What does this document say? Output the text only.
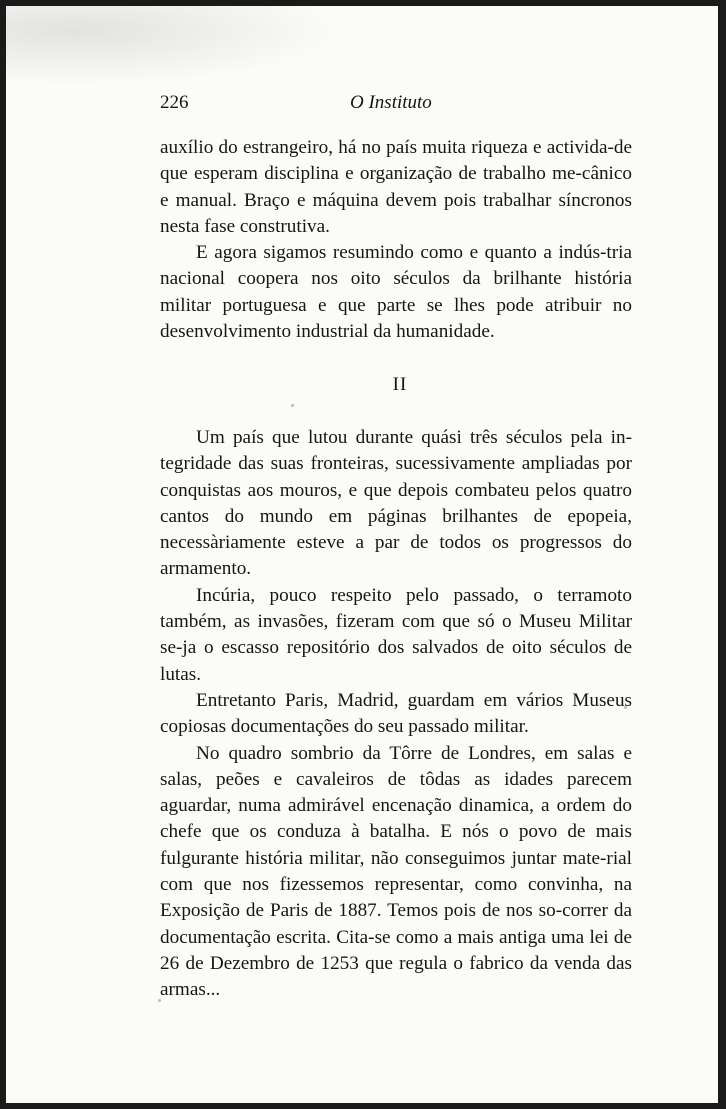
226	O Instituto

auxílio do estrangeiro, há no país muita riqueza e activida-de que esperam disciplina e organização de trabalho me-cânico e manual. Braço e máquina devem pois trabalhar síncronos nesta fase construtiva.

E agora sigamos resumindo como e quanto a indús-tria nacional coopera nos oito séculos da brilhante história militar portuguesa e que parte se lhes pode atribuir no desenvolvimento industrial da humanidade.

II

Um país que lutou durante quási três séculos pela in-tegridade das suas fronteiras, sucessivamente ampliadas por conquistas aos mouros, e que depois combateu pelos quatro cantos do mundo em páginas brilhantes de epopeia, necessàriamente esteve a par de todos os progressos do armamento.

Incúria, pouco respeito pelo passado, o terramoto também, as invasões, fizeram com que só o Museu Militar se-ja o escasso repositório dos salvados de oito séculos de lutas.

Entretanto Paris, Madrid, guardam em vários Museus copiosas documentações do seu passado militar.

No quadro sombrio da Tôrre de Londres, em salas e salas, peões e cavaleiros de tôdas as idades parecem aguardar, numa admirável encenação dinamica, a ordem do chefe que os conduza à batalha. E nós o povo de mais fulgurante história militar, não conseguimos juntar mate-rial com que nos fizessemos representar, como convinha, na Exposição de Paris de 1887. Temos pois de nos so-correr da documentação escrita. Cita-se como a mais antiga uma lei de 26 de Dezembro de 1253 que regula o fabrico da venda das armas...
